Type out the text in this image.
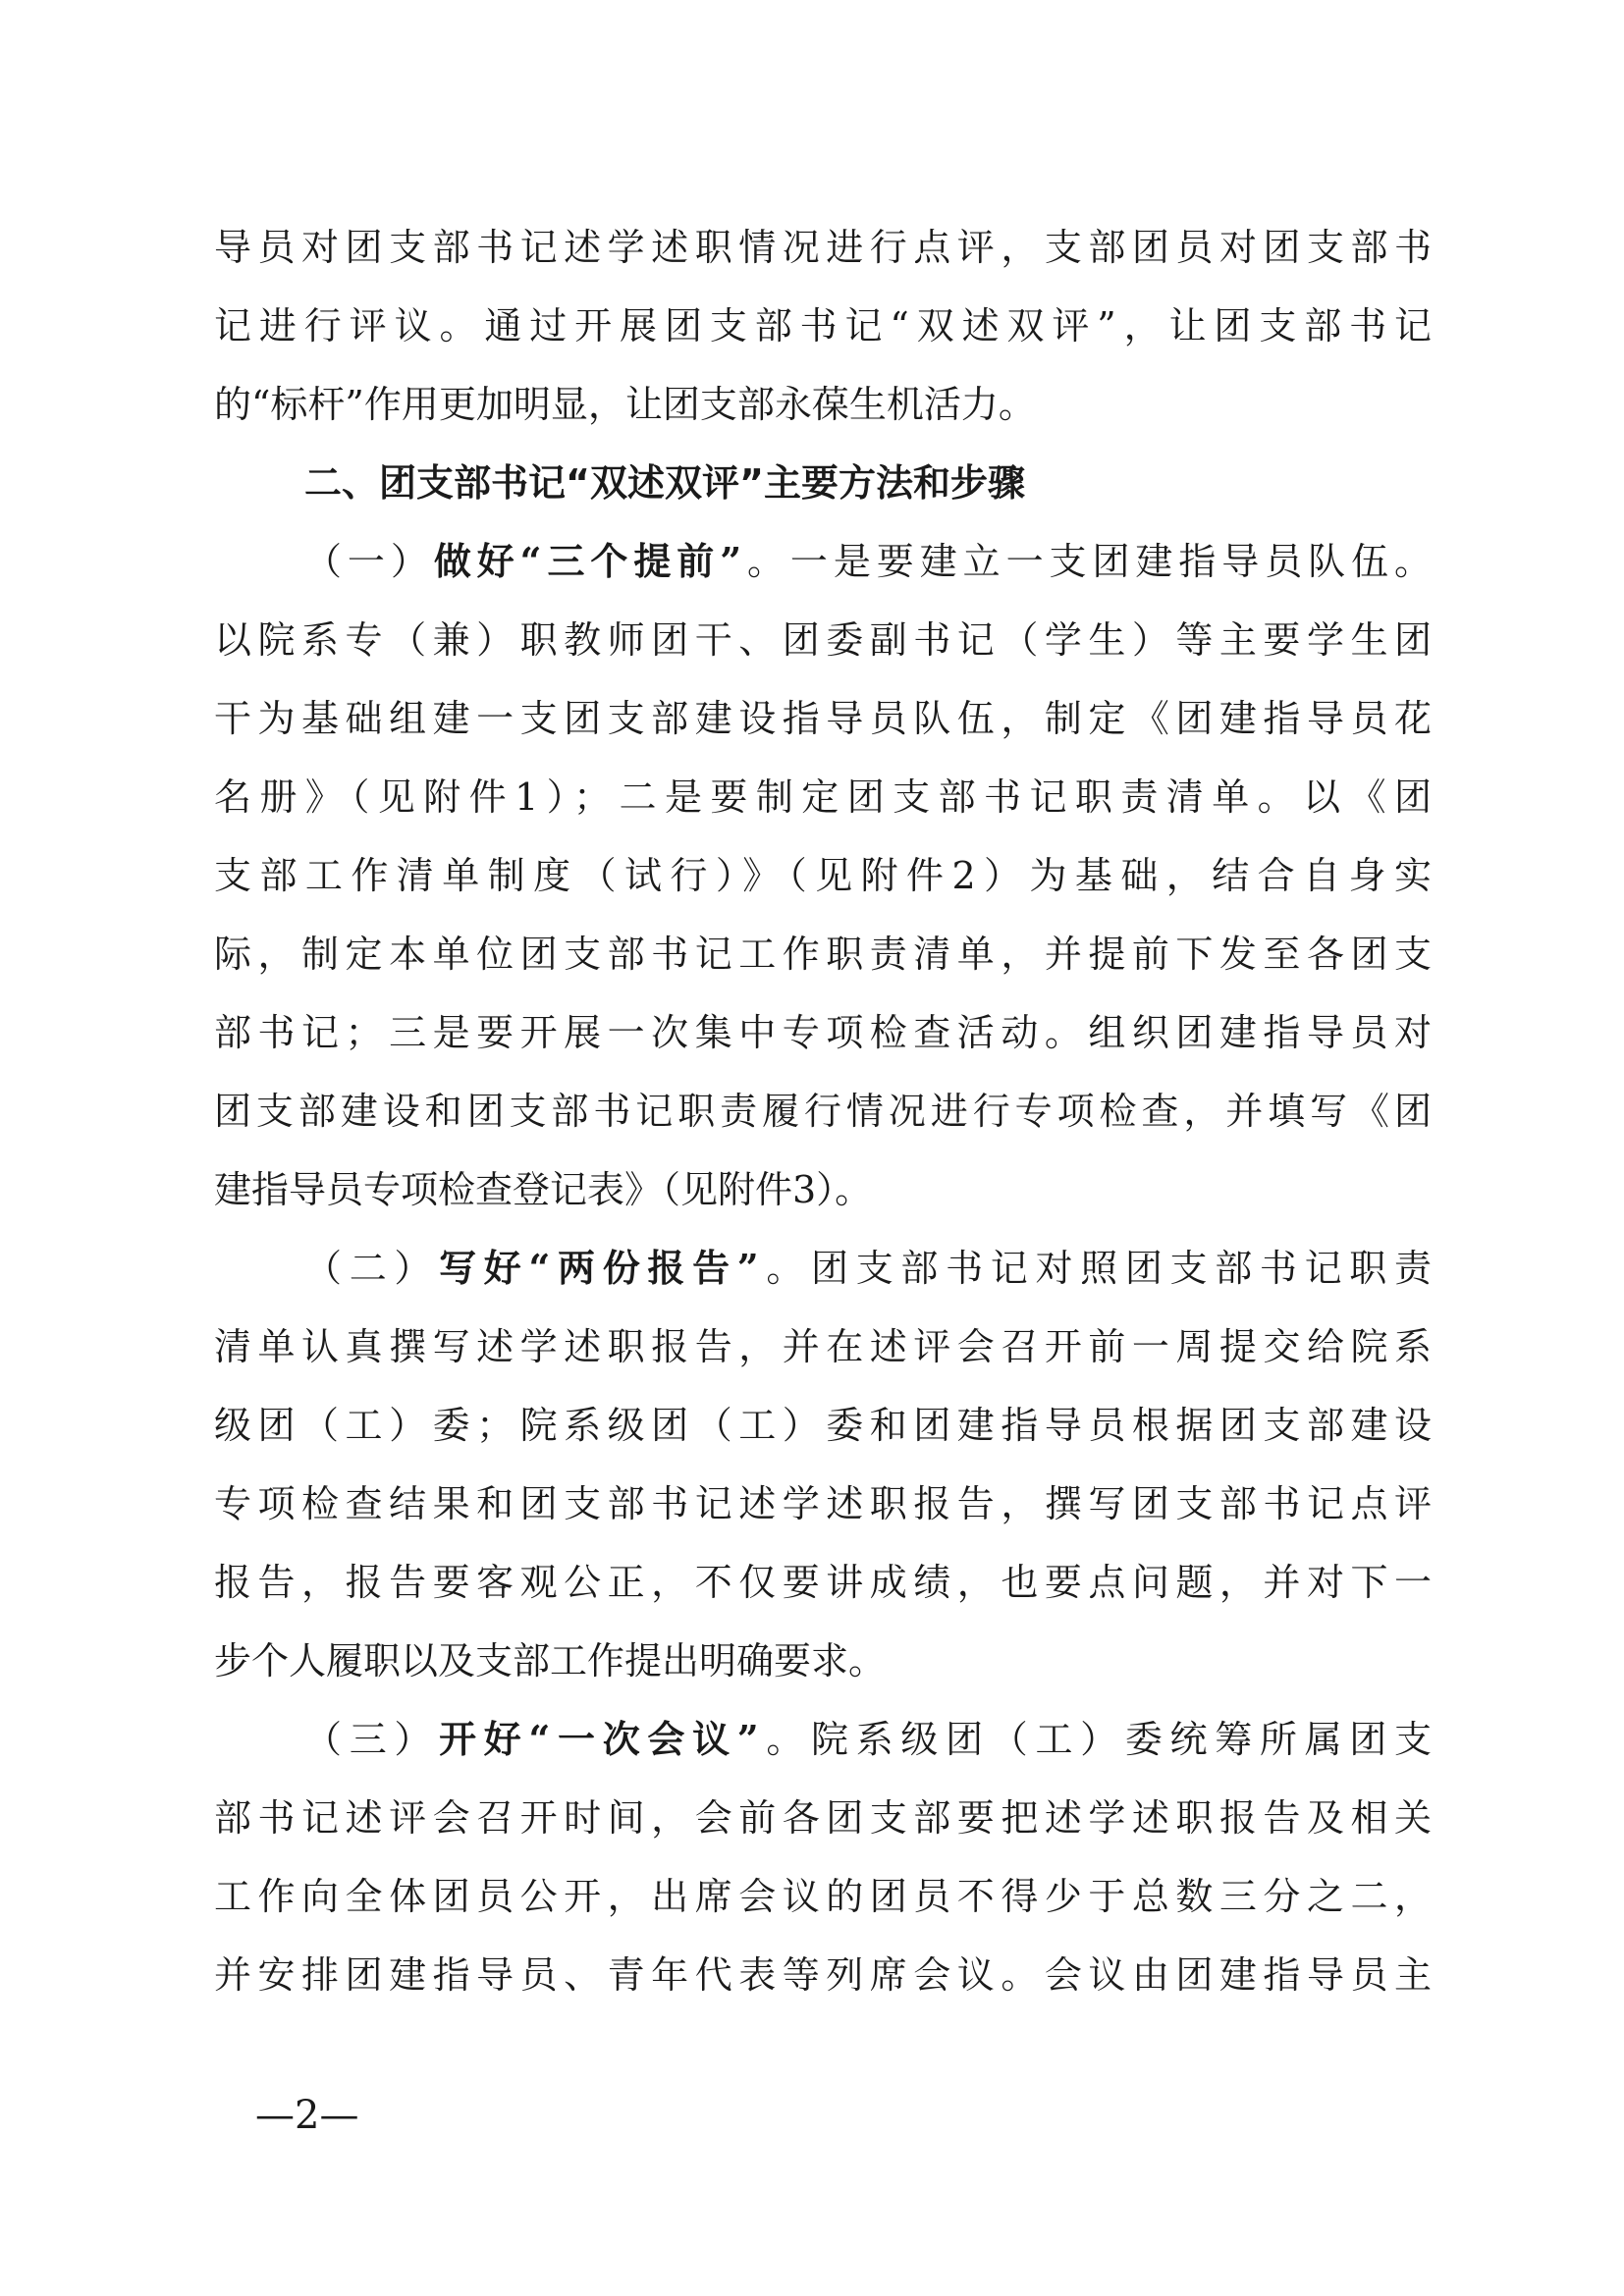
导员对团支部书记述学述职情况进行点评，支部团员对团支部书
记进行评议。通过开展团支部书记“双述双评”，让团支部书记
的“标杆”作用更加明显，让团支部永葆生机活力。
二、团支部书记“双述双评”主要方法和步骤
（一）做好“三个提前”。一是要建立一支团建指导员队伍。
以院系专（兼）职教师团干、团委副书记（学生）等主要学生团
干为基础组建一支团支部建设指导员队伍，制定《团建指导员花
名册》（见附件1）；二是要制定团支部书记职责清单。以《团
支部工作清单制度（试行）》（见附件2）为基础，结合自身实
际，制定本单位团支部书记工作职责清单，并提前下发至各团支
部书记；三是要开展一次集中专项检查活动。组织团建指导员对
团支部建设和团支部书记职责履行情况进行专项检查，并填写《团
建指导员专项检查登记表》（见附件3）。
（二）写好“两份报告”。团支部书记对照团支部书记职责
清单认真撰写述学述职报告，并在述评会召开前一周提交给院系
级团（工）委；院系级团（工）委和团建指导员根据团支部建设
专项检查结果和团支部书记述学述职报告，撰写团支部书记点评
报告，报告要客观公正，不仅要讲成绩，也要点问题，并对下一
步个人履职以及支部工作提出明确要求。
（三）开好“一次会议”。院系级团（工）委统筹所属团支
部书记述评会召开时间，会前各团支部要把述学述职报告及相关
工作向全体团员公开，出席会议的团员不得少于总数三分之二，
并安排团建指导员、青年代表等列席会议。会议由团建指导员主
—2—
